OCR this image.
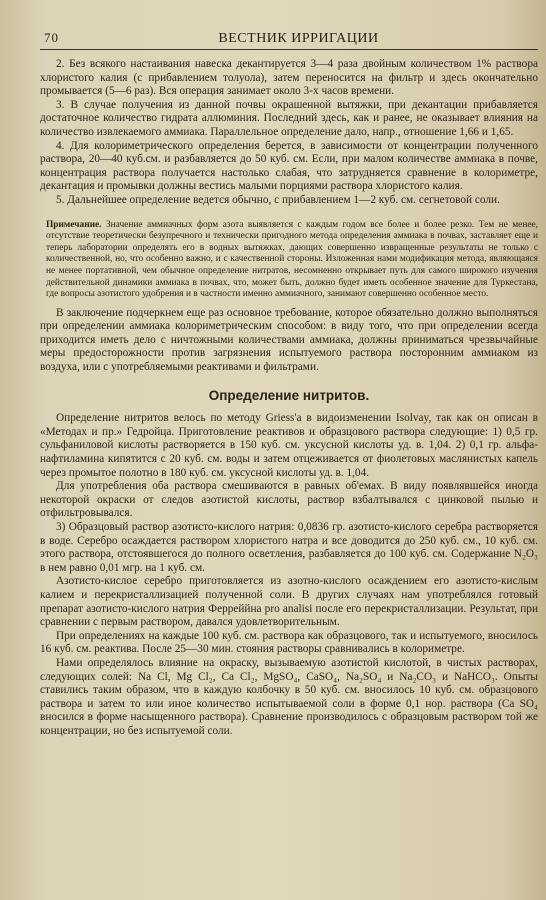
70	ВЕСТНИК ИРРИГАЦИИ

2. Без всякого настаивания навеска декантируется 3—4 раза двойным количеством 1% раствора хлористого калия (с прибавлением толуола), затем переносится на фильтр и здесь окончательно промывается (5—6 раз). Вся операция занимает около 3-х часов времени.

3. В случае получения из данной почвы окрашенной вытяжки, при декантации прибавляется достаточное количество гидрата аллюминия. Последний здесь, как и ранее, не оказывает влияния на количество извлекаемого аммиака. Параллельное определение дало, напр., отношение 1,66 и 1,65.

4. Для колориметрического определения берется, в зависимости от концентрации полученного раствора, 20—40 куб.см. и разбавляется до 50 куб. см. Если, при малом количестве аммиака в почве, концентрация раствора получается настолько слабая, что затрудняется сравнение в колориметре, декантация и промывки должны вестись малыми порциями раствора хлористого калия.

5. Дальнейшее определение ведется обычно, с прибавлением 1—2 куб. см. сегнетовой соли.

Примечание. Значение аммиачных форм азота выявляется с каждым годом все более и более резко. Тем не менее, отсутствие теоретически безупречного и технически пригодного метода определения аммиака в почвах, заставляет еще и теперь лаборатории определять его в водных вытяжках, дающих совершенно извращенные результаты не только с количественной, но, что особенно важно, и с качественной стороны. Изложенная нами модификация метода, являющаяся не менее портативной, чем обычное определение нитратов, несомненно открывает путь для самого широкого изучения действительной динамики аммиака в почвах, что, может быть, должно будет иметь особенное значение для Туркестана, где вопросы азотистого удобрения и в частности именно аммиачного, занимают совершенно особенное место.

В заключение подчеркнем еще раз основное требование, которое обязательно должно выполняться при определении аммиака колориметрическим способом: в виду того, что при определении всегда приходится иметь дело с ничтожными количествами аммиака, должны приниматься чрезвычайные меры предосторожности против загрязнения испытуемого раствора посторонним аммиаком из воздуха, или с употребляемыми реактивами и фильтрами.

Определение нитритов.

Определение нитритов велось по методу Griess'a в видоизменении Isolvay, так как он описан в «Методах и пр.» Гедройца. Приготовление реактивов и образцового раствора следующие: 1) 0,5 гр. сульфаниловой кислоты растворяется в 150 куб. см. уксусной кислоты уд. в. 1,04. 2) 0,1 гр. альфа-нафтиламина кипятится с 20 куб. см. воды и затем отцеживается от фиолетовых маслянистых капель через промытое полотно в 180 куб. см. уксусной кислоты уд. в. 1,04.

Для употребления оба раствора смешиваются в равных об'емах. В виду появлявшейся иногда некоторой окраски от следов азотистой кислоты, раствор взбалтывался с цинковой пылью и отфильтровывался.

3) Образцовый раствор азотисто-кислого натрия: 0,0836 гр. азотисто-кислого серебра растворяется в воде. Серебро осаждается раствором хлористого натра и все доводится до 250 куб. см., 10 куб. см. этого раствора, отстоявшегося до полного осветления, разбавляется до 100 куб. см. Содержание N₂O₃ в нем равно 0,01 мгр. на 1 куб. см.

Азотисто-кислое серебро приготовляется из азотно-кислого осаждением его азотисто-кислым калием и перекристаллизацией полученной соли. В других случаях нам употреблялся готовый препарат азотисто-кислого натрия Ферреййна pro analisi после его перекристаллизации. Результат, при сравнении с первым раствором, давался удовлетворительным.

При определениях на каждые 100 куб. см. раствора как образцового, так и испытуемого, вносилось 16 куб. см. реактива. После 25—30 мин. стояния растворы сравнивались в колориметре.

Нами определялось влияние на окраску, вызываемую азотистой кислотой, в чистых растворах, следующих солей: Na Cl, Mg Cl₂, Ca Cl₂, MgSO₄, CaSO₄, Na₂SO₄ и Na₂CO₃ и NaHCO₃. Опыты ставились таким образом, что в каждую колбочку в 50 куб. см. вносилось 10 куб. см. образцового раствора и затем то или иное количество испытываемой соли в форме 0,1 нор. раствора (Ca SO₄ вносился в форме насыщенного раствора). Сравнение производилось с образцовым раствором той же концентрации, но без испытуемой соли.
